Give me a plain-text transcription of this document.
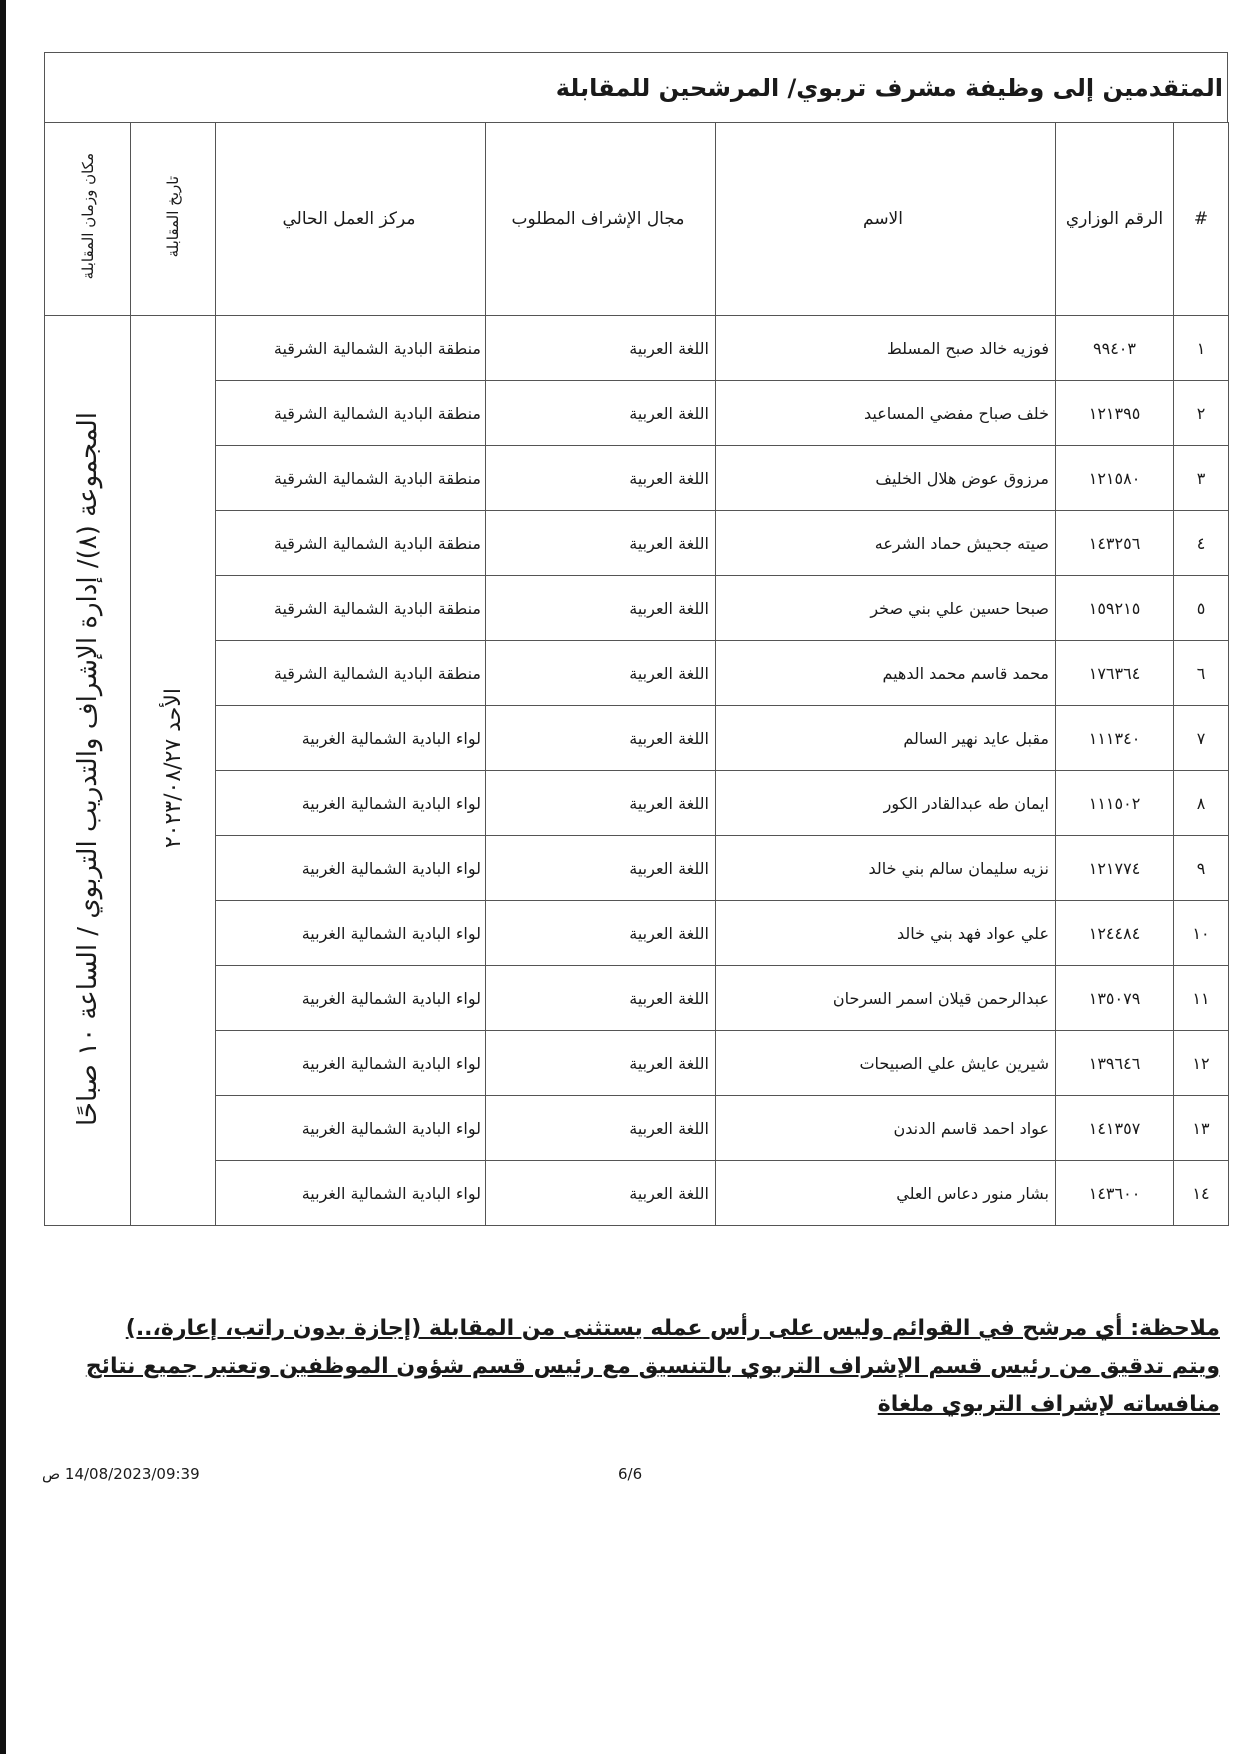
المتقدمين إلى وظيفة مشرف تربوي/ المرشحين للمقابلة
#	الرقم الوزاري	الاسم	مجال الإشراف المطلوب	مركز العمل الحالي	تاريخ المقابلة	مكان وزمان المقابلة
١	٩٩٤٠٣	فوزيه خالد صبح المسلط	اللغة العربية	منطقة البادية الشمالية الشرقية	الأحد ٢٠٢٣/٠٨/٢٧	المجموعة (٨)/ إدارة الإشراف والتدريب التربوي / الساعة ١٠ صباحًا
٢	١٢١٣٩٥	خلف صباح مفضي المساعيد	اللغة العربية	منطقة البادية الشمالية الشرقية		
٣	١٢١٥٨٠	مرزوق عوض هلال الخليف	اللغة العربية	منطقة البادية الشمالية الشرقية		
٤	١٤٣٢٥٦	صيته جحيش حماد الشرعه	اللغة العربية	منطقة البادية الشمالية الشرقية		
٥	١٥٩٢١٥	صبحا حسين علي بني صخر	اللغة العربية	منطقة البادية الشمالية الشرقية		
٦	١٧٦٣٦٤	محمد قاسم محمد الدهيم	اللغة العربية	منطقة البادية الشمالية الشرقية		
٧	١١١٣٤٠	مقبل عايد نهير السالم	اللغة العربية	لواء البادية الشمالية الغربية		
٨	١١١٥٠٢	ايمان طه عبدالقادر الكور	اللغة العربية	لواء البادية الشمالية الغربية		
٩	١٢١٧٧٤	نزيه سليمان سالم بني خالد	اللغة العربية	لواء البادية الشمالية الغربية		
١٠	١٢٤٤٨٤	علي عواد فهد بني خالد	اللغة العربية	لواء البادية الشمالية الغربية		
١١	١٣٥٠٧٩	عبدالرحمن قيلان اسمر السرحان	اللغة العربية	لواء البادية الشمالية الغربية		
١٢	١٣٩٦٤٦	شيرين عايش علي الصبيحات	اللغة العربية	لواء البادية الشمالية الغربية		
١٣	١٤١٣٥٧	عواد احمد قاسم الدندن	اللغة العربية	لواء البادية الشمالية الغربية		
١٤	١٤٣٦٠٠	بشار منور دعاس العلي	اللغة العربية	لواء البادية الشمالية الغربية		
ملاحظة: أي مرشح في القوائم وليس على رأس عمله يستثنى من المقابلة (إجازة بدون راتب، إعارة،..) ويتم تدقيق من رئيس قسم الإشراف التربوي بالتنسيق مع رئيس قسم شؤون الموظفين وتعتبر جميع نتائج منافساته لإشراف التربوي ملغاة
14/08/2023/09:39 ص	6/6
